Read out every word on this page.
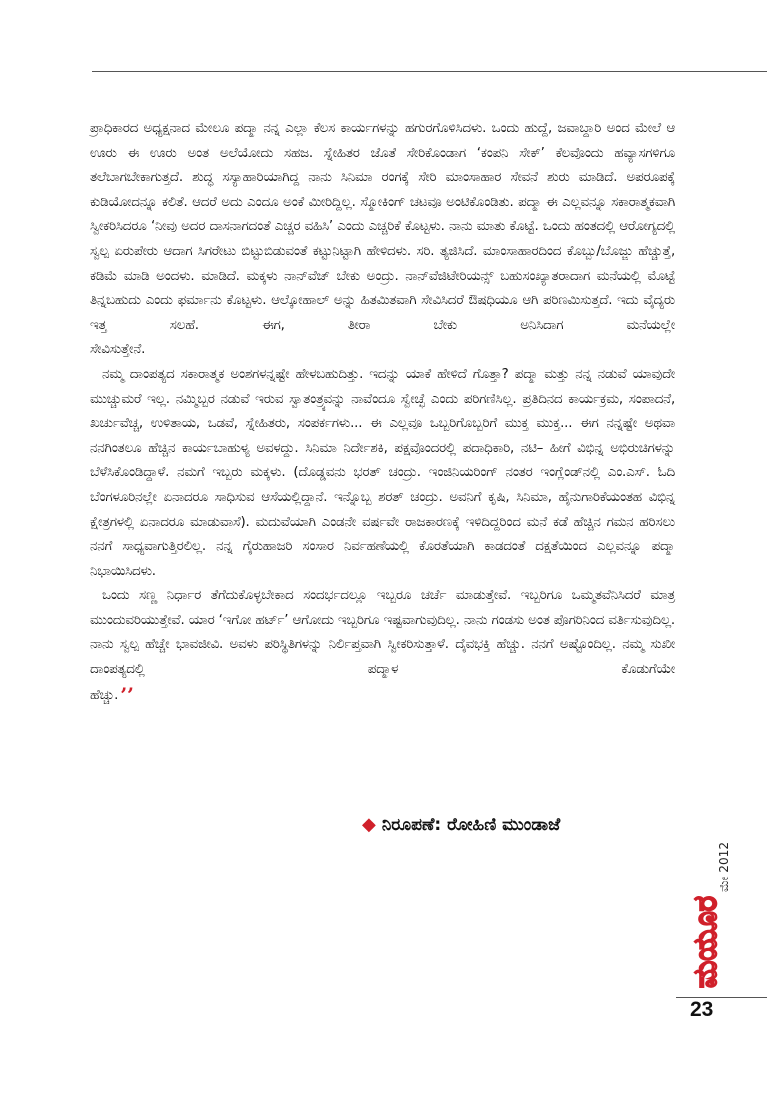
ಪ್ರಾಧಿಕಾರದ ಅಧ್ಯಕ್ಷನಾದ ಮೇಲೂ ಪದ್ಮಾ ನನ್ನ ಎಲ್ಲಾ ಕೆಲಸ ಕಾರ್ಯಗಳನ್ನು ಹಗುರಗೊಳಿಸಿದಳು. ಒಂದು ಹುದ್ದೆ, ಜವಾಬ್ದಾರಿ ಅಂದ ಮೇಲೆ ಆ ಊರು ಈ ಊರು ಅಂತ ಅಲೆಯೋದು ಸಹಜ. ಸ್ನೇಹಿತರ ಜೊತೆ ಸೇರಿಕೊಂಡಾಗ ‘ಕಂಪನಿ ಸೇಕ್’ ಕೆಲವೊಂದು ಹವ್ಯಾಸಗಳಿಗೂ ತಲೆಬಾಗಬೇಕಾಗುತ್ತದೆ. ಶುದ್ಧ ಸಸ್ಯಾಹಾರಿಯಾಗಿದ್ದ ನಾನು ಸಿನಿಮಾ ರಂಗಕ್ಕೆ ಸೇರಿ ಮಾಂಸಾಹಾರ ಸೇವನೆ ಶುರು ಮಾಡಿದೆ. ಅಪರೂಪಕ್ಕೆ ಕುಡಿಯೋದನ್ನೂ ಕಲಿತೆ. ಆದರೆ ಅದು ಎಂದೂ ಅಂಕೆ ಮೀರಿದ್ದಿಲ್ಲ. ಸ್ಮೋಕಿಂಗ್ ಚಟವೂ ಅಂಟಿಕೊಂಡಿತು. ಪದ್ಮಾ ಈ ಎಲ್ಲವನ್ನೂ ಸಕಾರಾತ್ಮಕವಾಗಿ ಸ್ವೀಕರಿಸಿದರೂ ‘ನೀವು ಅದರ ದಾಸನಾಗದಂತೆ ಎಚ್ಚರ ವಹಿಸಿ’ ಎಂದು ಎಚ್ಚರಿಕೆ ಕೊಟ್ಟಳು. ನಾನು ಮಾತು ಕೊಟ್ಟೆ. ಒಂದು ಹಂತದಲ್ಲಿ ಆರೋಗ್ಯದಲ್ಲಿ ಸ್ವಲ್ಪ ಏರುಪೇರು ಆದಾಗ ಸಿಗರೇಟು ಬಿಟ್ಟುಬಿಡುವಂತೆ ಕಟ್ಟುನಿಟ್ಟಾಗಿ ಹೇಳಿದಳು. ಸರಿ. ತ್ಯಜಿಸಿದೆ. ಮಾಂಸಾಹಾರದಿಂದ ಕೊಬ್ಬು/ಬೊಜ್ಜು ಹೆಚ್ಚುತ್ತೆ, ಕಡಿಮೆ ಮಾಡಿ ಅಂದಳು. ಮಾಡಿದೆ. ಮಕ್ಕಳು ನಾನ್‌ವೆಜ್ ಬೇಕು ಅಂದ್ರು. ನಾನ್‌ವೆಜಿಟೇರಿಯನ್ಸ್ ಬಹುಸಂಖ್ಯಾತರಾದಾಗ ಮನೆಯಲ್ಲಿ ಮೊಟ್ಟೆ ತಿನ್ನಬಹುದು ಎಂದು ಫರ್ಮಾನು ಕೊಟ್ಟಳು. ಆಲ್ಕೋಹಾಲ್ ಅನ್ನು ಹಿತಮಿತವಾಗಿ ಸೇವಿಸಿದರೆ ಔಷಧಿಯೂ ಆಗಿ ಪರಿಣಮಿಸುತ್ತದೆ. ಇದು ವೈದ್ಯರು ಇತ್ತ ಸಲಹೆ. ಈಗ, ತೀರಾ ಬೇಕು ಅನಿಸಿದಾಗ ಮನೆಯಲ್ಲೇ

ಸೇವಿಸುತ್ತೇನೆ.

ನಮ್ಮ ದಾಂಪತ್ಯದ ಸಕಾರಾತ್ಮಕ ಅಂಶಗಳನ್ನಷ್ಟೇ ಹೇಳಬಹುದಿತ್ತು. ಇದನ್ನು ಯಾಕೆ ಹೇಳಿದೆ ಗೊತ್ತಾ? ಪದ್ಮಾ ಮತ್ತು ನನ್ನ ನಡುವೆ ಯಾವುದೇ ಮುಚ್ಚುಮರೆ ಇಲ್ಲ. ನಮ್ಮಿಬ್ಬರ ನಡುವೆ ಇರುವ ಸ್ವಾತಂತ್ರ್ಯವನ್ನು ನಾವೆಂದೂ ಸ್ವೇಚ್ಛೆ ಎಂದು ಪರಿಗಣಿಸಿಲ್ಲ. ಪ್ರತಿದಿನದ ಕಾರ್ಯಕ್ರಮ, ಸಂಪಾದನೆ, ಖರ್ಚುವೆಚ್ಚ, ಉಳಿತಾಯ, ಒಡವೆ, ಸ್ನೇಹಿತರು, ಸಂಪರ್ಕಗಳು... ಈ ಎಲ್ಲವೂ ಒಬ್ಬರಿಗೊಬ್ಬರಿಗೆ ಮುಕ್ತ ಮುಕ್ತ... ಈಗ ನನ್ನಷ್ಟೇ ಅಥವಾ ನನಗಿಂತಲೂ ಹೆಚ್ಚಿನ ಕಾರ್ಯಬಾಹುಳ್ಯ ಅವಳದ್ದು. ಸಿನಿಮಾ ನಿರ್ದೇಶಕಿ, ಪಕ್ಷವೊಂದರಲ್ಲಿ ಪದಾಧಿಕಾರಿ, ನಟಿ– ಹೀಗೆ ವಿಭಿನ್ನ ಅಭಿರುಚಿಗಳನ್ನು ಬೆಳೆಸಿಕೊಂಡಿದ್ದಾಳೆ. ನಮಗೆ ಇಬ್ಬರು ಮಕ್ಕಳು. (ದೊಡ್ಡವನು ಭರತ್ ಚಂದ್ರು. ಇಂಜಿನಿಯರಿಂಗ್ ನಂತರ ಇಂಗ್ಲೆಂಡ್‌ನಲ್ಲಿ ಎಂ.ಎಸ್. ಓದಿ ಬೆಂಗಳೂರಿನಲ್ಲೇ ಏನಾದರೂ ಸಾಧಿಸುವ ಆಸೆಯಲ್ಲಿದ್ದಾನೆ. ಇನ್ನೊಬ್ಬ ಶರತ್ ಚಂದ್ರು. ಅವನಿಗೆ ಕೃಷಿ, ಸಿನಿಮಾ, ಹೈನುಗಾರಿಕೆಯಂತಹ ವಿಭಿನ್ನ ಕ್ಷೇತ್ರಗಳಲ್ಲಿ ಏನಾದರೂ ಮಾಡುವಾಸೆ). ಮದುವೆಯಾಗಿ ಎಂಡನೇ ವರ್ಷವೇ ರಾಜಕಾರಣಕ್ಕೆ ಇಳಿದಿದ್ದರಿಂದ ಮನೆ ಕಡೆ ಹೆಚ್ಚಿನ ಗಮನ ಹರಿಸಲು ನನಗೆ ಸಾಧ್ಯವಾಗುತ್ತಿರಲಿಲ್ಲ. ನನ್ನ ಗೈರುಹಾಜರಿ ಸಂಸಾರ ನಿರ್ವಹಣೆಯಲ್ಲಿ ಕೊರತೆಯಾಗಿ ಕಾಡದಂತೆ ದಕ್ಷತೆಯಿಂದ ಎಲ್ಲವನ್ನೂ ಪದ್ಮಾ ನಿಭಾಯಿಸಿದಳು.

ಒಂದು ಸಣ್ಣ ನಿರ್ಧಾರ ತೆಗೆದುಕೊಳ್ಳಬೇಕಾದ ಸಂದರ್ಭದಲ್ಲೂ ಇಬ್ಬರೂ ಚರ್ಚೆ ಮಾಡುತ್ತೇವೆ. ಇಬ್ಬರಿಗೂ ಒಮ್ಮತವೆನಿಸಿದರೆ ಮಾತ್ರ ಮುಂದುವರಿಯುತ್ತೇವೆ. ಯಾರ ‘ಇಗೋ ಹರ್ಟ್’ ಆಗೋದು ಇಬ್ಬರಿಗೂ ಇಷ್ಟವಾಗುವುದಿಲ್ಲ. ನಾನು ಗಂಡಸು ಅಂತ ಪೊಗರಿನಿಂದ ವರ್ತಿಸುವುದಿಲ್ಲ. ನಾನು ಸ್ವಲ್ಪ ಹೆಚ್ಚೇ ಭಾವಜೀವಿ. ಅವಳು ಪರಿಸ್ಥಿತಿಗಳನ್ನು ನಿರ್ಲಿಪ್ತವಾಗಿ ಸ್ವೀಕರಿಸುತ್ತಾಳೆ. ದೈವಭಕ್ತಿ ಹೆಚ್ಚು. ನನಗೆ ಅಷ್ಟೊಂದಿಲ್ಲ. ನಮ್ಮ ಸುಖೀ ದಾಂಪತ್ಯದಲ್ಲಿ ಪದ್ಮಾಳ ಕೊಡುಗೆಯೇ

ಹೆಚ್ಚು. ’’

◆ ನಿರೂಪಣೆ: ರೋಹಿಣಿ ಮುಂಡಾಜೆ
ಮಯೂರ
ಮೇ 2012
23
